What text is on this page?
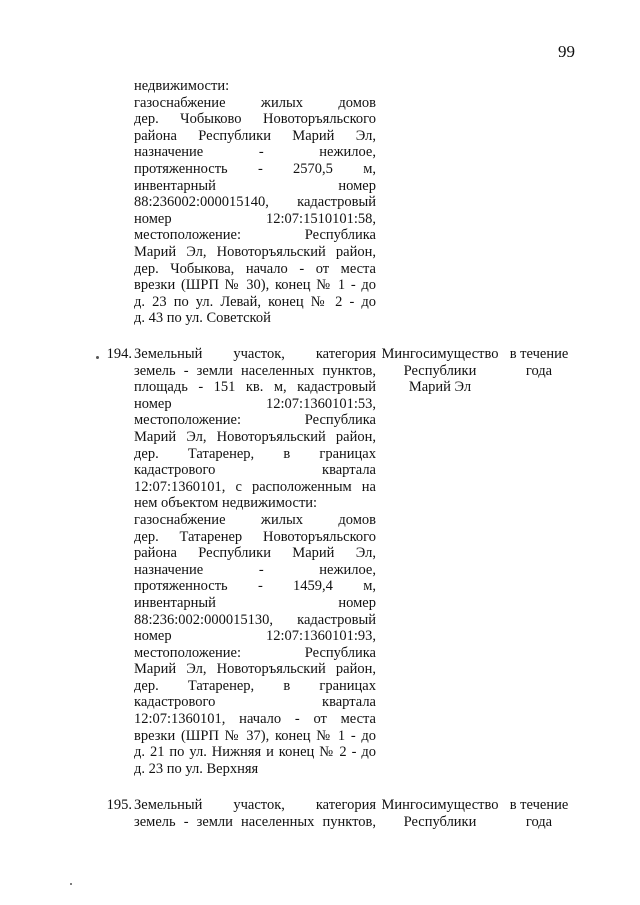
99
недвижимости:
газоснабжение жилых домов
дер. Чобыково Новоторъяльского
района Республики Марий Эл,
назначение - нежилое,
протяженность - 2570,5 м,
инвентарный номер
88:236002:000015140, кадастровый
номер 12:07:1510101:58,
местоположение: Республика
Марий Эл, Новоторъяльский район,
дер. Чобыкова, начало - от места
врезки (ШРП № 30), конец № 1 - до
д. 23 по ул. Левай, конец № 2 - до
д. 43 по ул. Советской
194. Земельный участок, категория
земель - земли населенных пунктов,
площадь - 151 кв. м, кадастровый
номер 12:07:1360101:53,
местоположение: Республика
Марий Эл, Новоторъяльский район,
дер. Татаренер, в границах
кадастрового квартала
12:07:1360101, с расположенным на
нем объектом недвижимости:
газоснабжение жилых домов
дер. Татаренер Новоторъяльского
района Республики Марий Эл,
назначение - нежилое,
протяженность - 1459,4 м,
инвентарный номер
88:236:002:000015130, кадастровый
номер 12:07:1360101:93,
местоположение: Республика
Марий Эл, Новоторъяльский район,
дер. Татаренер, в границах
кадастрового квартала
12:07:1360101, начало - от места
врезки (ШРП № 37), конец № 1 - до
д. 21 по ул. Нижняя и конец № 2 - до
д. 23 по ул. Верхняя
Мингосимущество
Республики
Марий Эл
в течение
года
195. Земельный участок, категория
земель - земли населенных пунктов,
Мингосимущество
Республики
в течение
года
